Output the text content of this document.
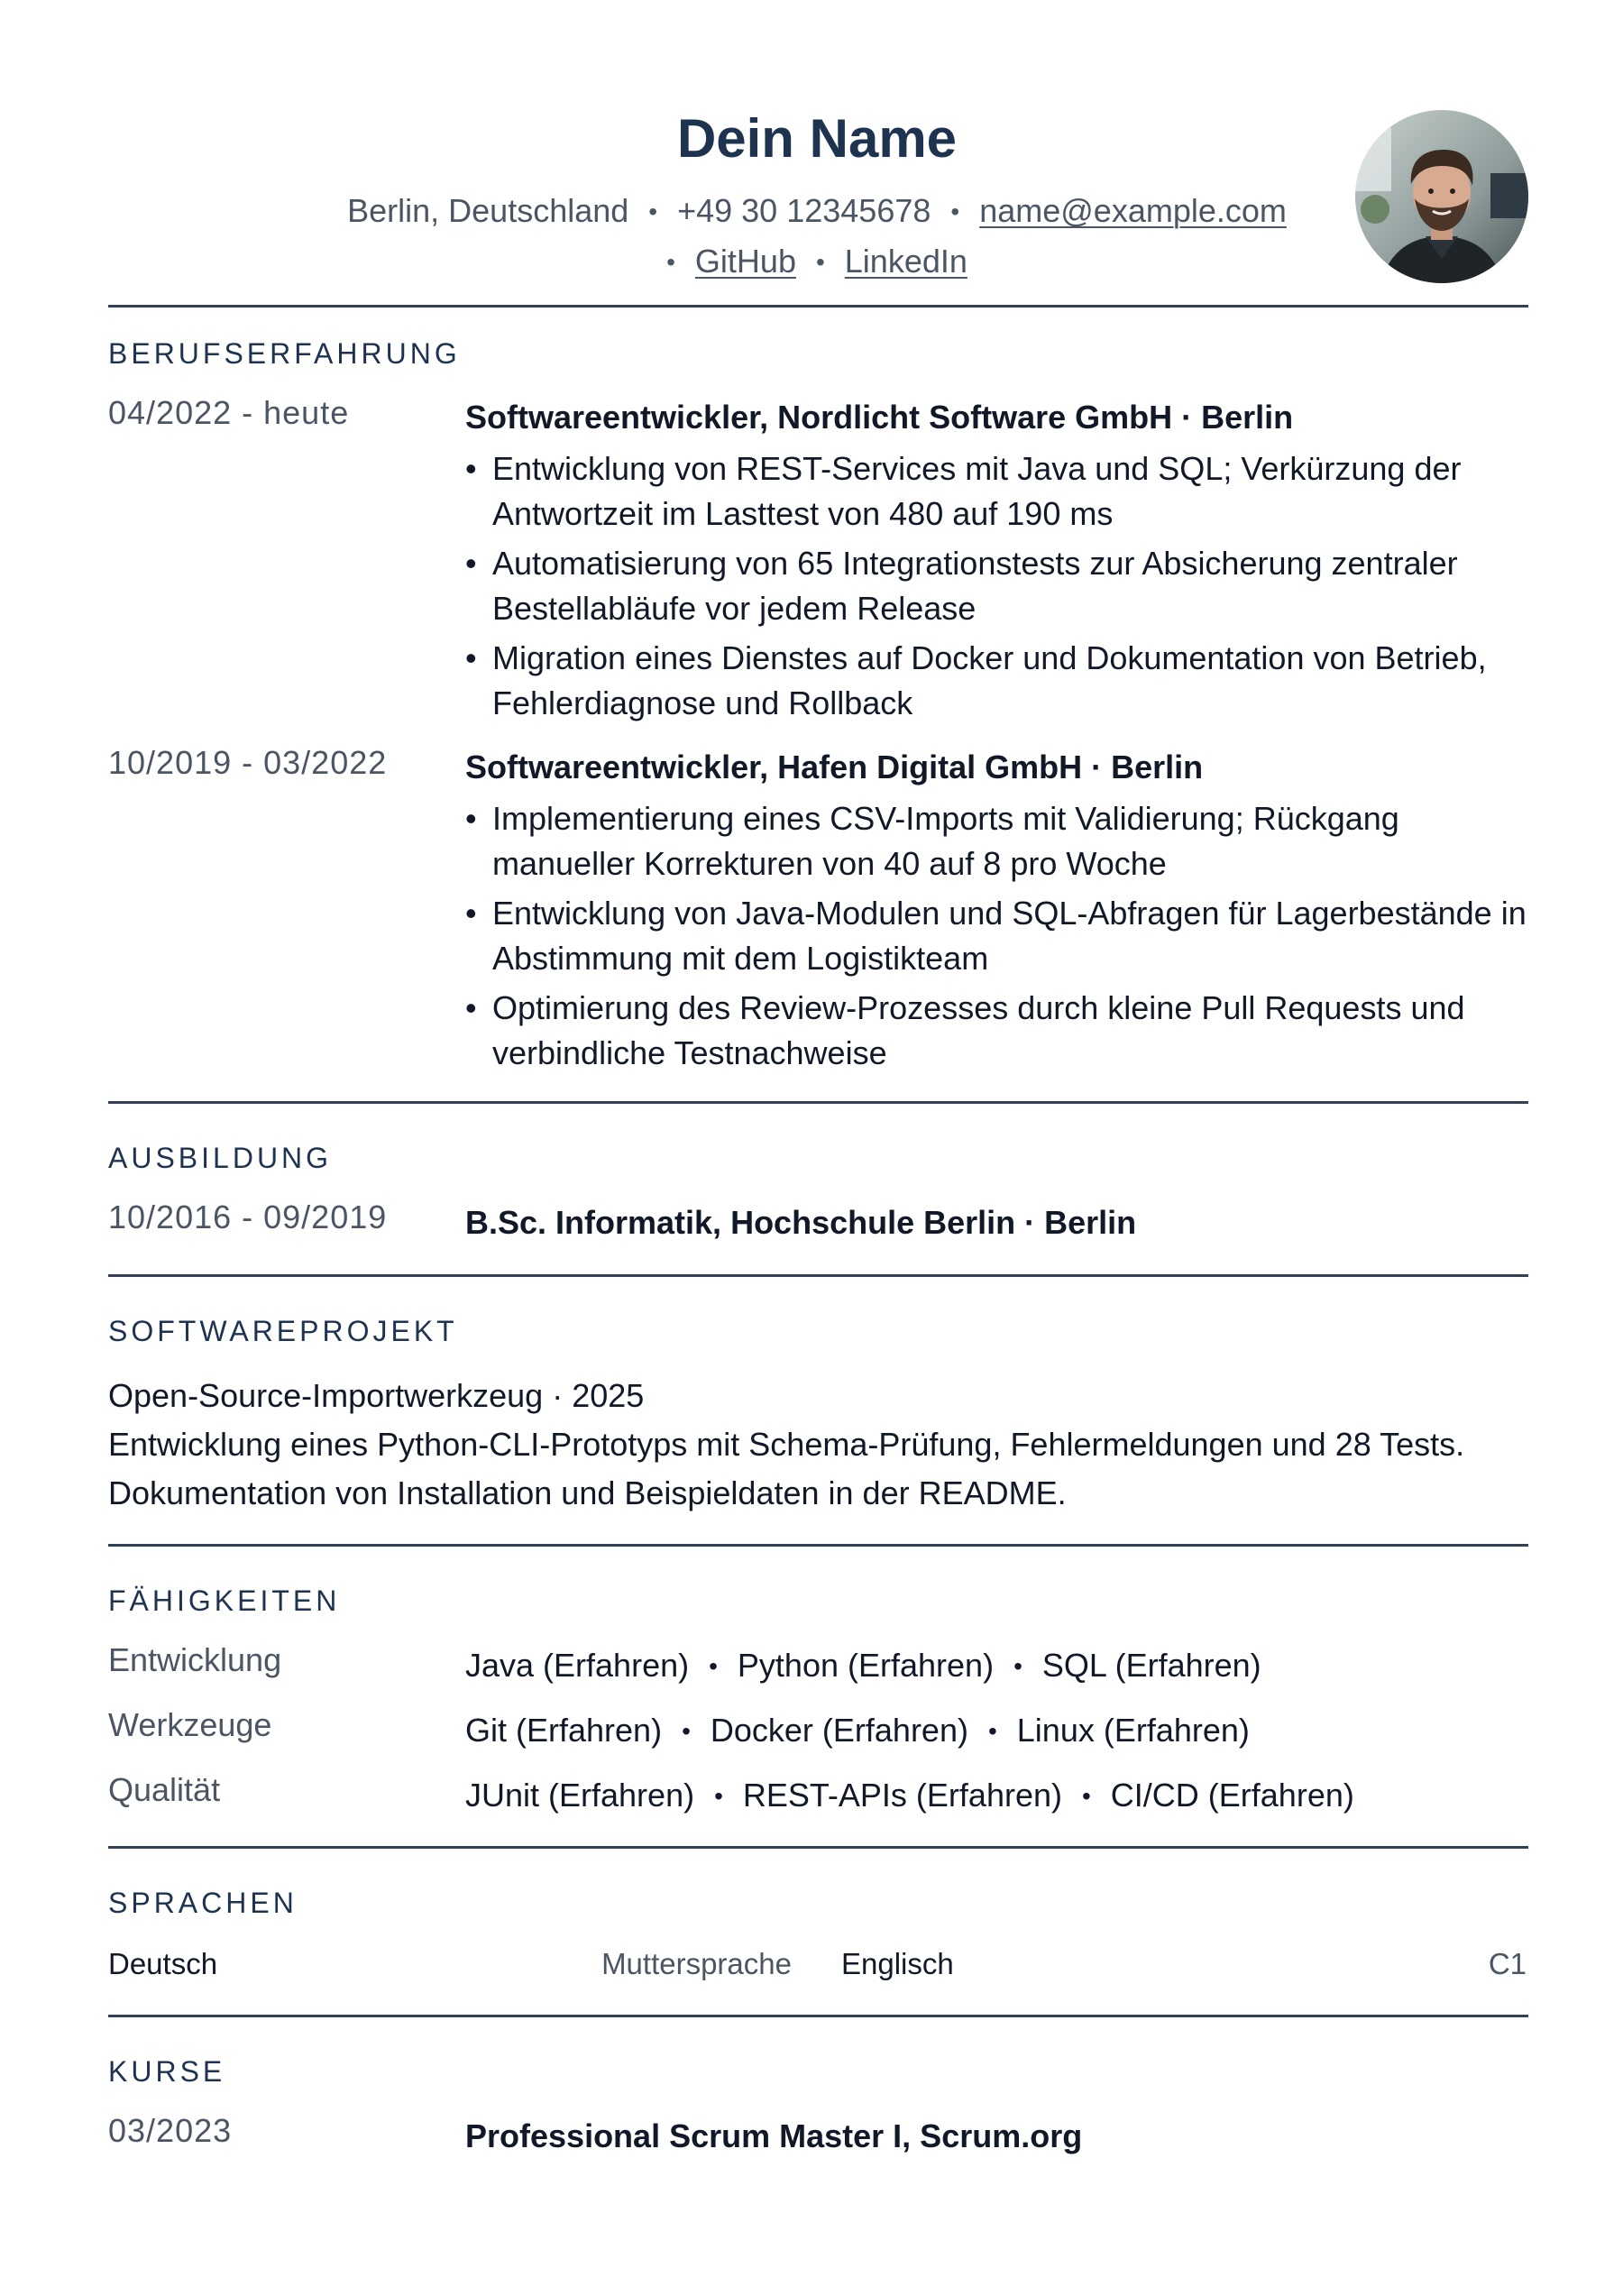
Dein Name
Berlin, Deutschland • +49 30 12345678 • name@example.com
• GitHub • LinkedIn
BERUFSERFAHRUNG
04/2022 - heute	Softwareentwickler, Nordlicht Software GmbH · Berlin
• Entwicklung von REST-Services mit Java und SQL; Verkürzung der Antwortzeit im Lasttest von 480 auf 190 ms
• Automatisierung von 65 Integrationstests zur Absicherung zentraler Bestellabläufe vor jedem Release
• Migration eines Dienstes auf Docker und Dokumentation von Betrieb, Fehlerdiagnose und Rollback
10/2019 - 03/2022 Softwareentwickler, Hafen Digital GmbH · Berlin
• Implementierung eines CSV-Imports mit Validierung; Rückgang manueller Korrekturen von 40 auf 8 pro Woche
• Entwicklung von Java-Modulen und SQL-Abfragen für Lagerbestände in Abstimmung mit dem Logistikteam
• Optimierung des Review-Prozesses durch kleine Pull Requests und verbindliche Testnachweise
AUSBILDUNG
10/2016 - 09/2019 B.Sc. Informatik, Hochschule Berlin · Berlin
SOFTWAREPROJEKT
Open-Source-Importwerkzeug · 2025
Entwicklung eines Python-CLI-Prototyps mit Schema-Prüfung, Fehlermeldungen und 28 Tests. Dokumentation von Installation und Beispieldaten in der README.
FÄHIGKEITEN
Entwicklung	Java (Erfahren) • Python (Erfahren) • SQL (Erfahren)
Werkzeuge	Git (Erfahren) • Docker (Erfahren) • Linux (Erfahren)
Qualität	JUnit (Erfahren) • REST-APIs (Erfahren) • CI/CD (Erfahren)
SPRACHEN
Deutsch	Muttersprache Englisch	C1
KURSE
03/2023	Professional Scrum Master I, Scrum.org
